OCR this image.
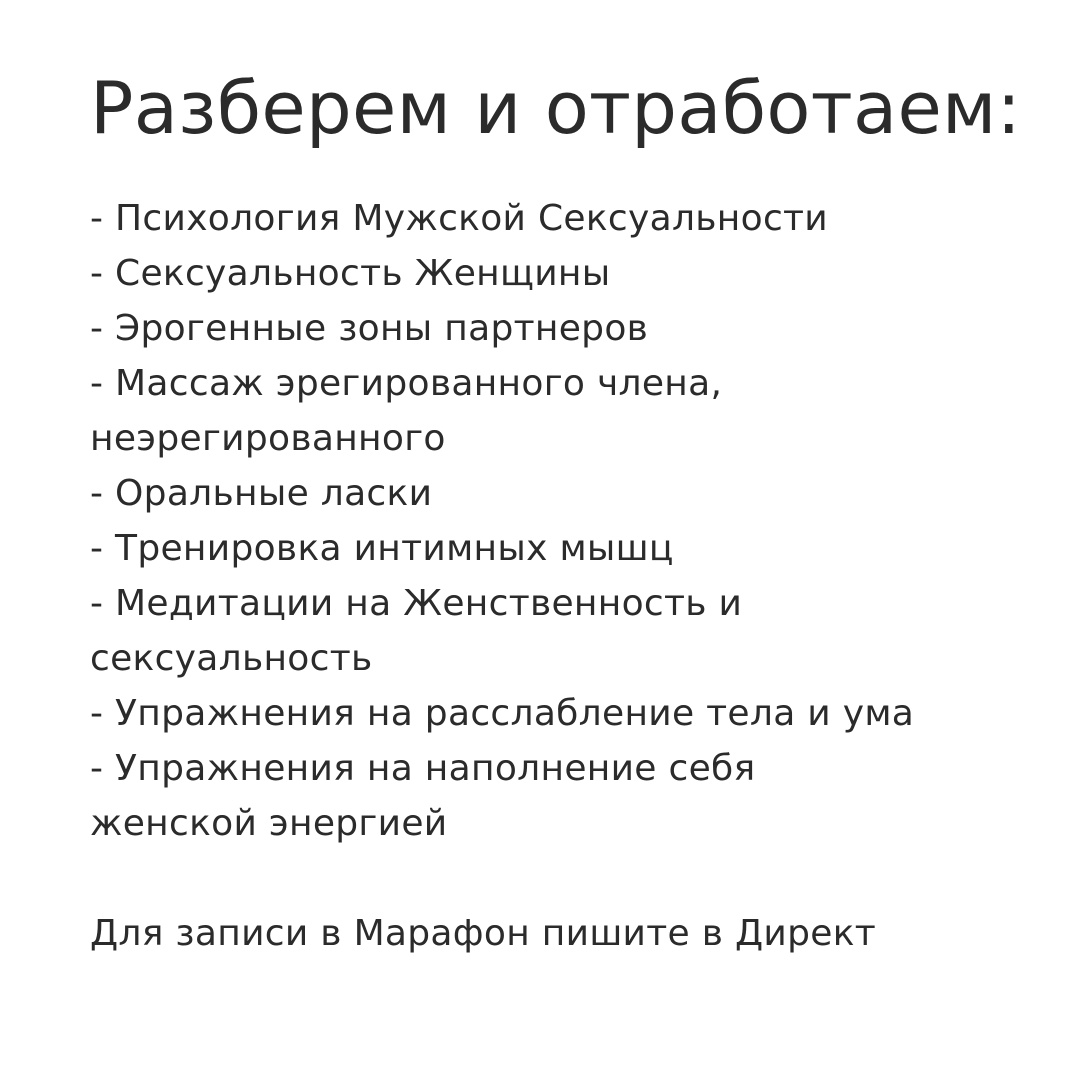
Разберем и отработаем:
- Психология Мужской Сексуальности
- Сексуальность Женщины
- Эрогенные зоны партнеров
- Массаж эрегированного члена,
неэрегированного
- Оральные ласки
- Тренировка интимных мышц
- Медитации на Женственность и
сексуальность
- Упражнения на расслабление тела и ума
- Упражнения на наполнение себя
женской энергией

Для записи в Марафон пишите в Директ
